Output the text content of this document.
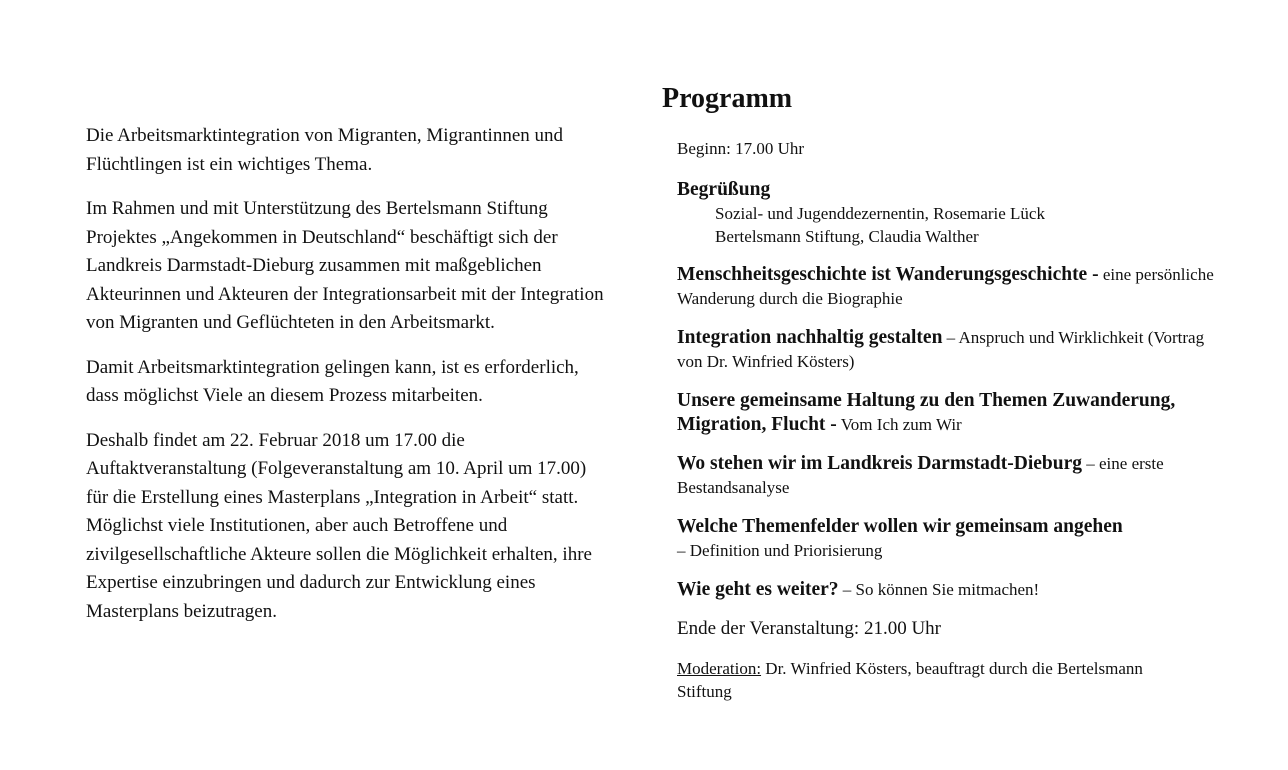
Die Arbeitsmarktintegration von Migranten, Migrantinnen und Flüchtlingen ist ein wichtiges Thema.

Im Rahmen und mit Unterstützung des Bertelsmann Stiftung Projektes „Angekommen in Deutschland“ beschäftigt sich der Landkreis Darmstadt-Dieburg zusammen mit maßgeblichen Akteurinnen und Akteuren der Integrationsarbeit mit der Integration von Migranten und Geflüchteten in den Arbeitsmarkt.

Damit Arbeitsmarktintegration gelingen kann, ist es erforderlich, dass möglichst Viele an diesem Prozess mitarbeiten.

Deshalb findet am 22. Februar 2018 um 17.00 die Auftaktveranstaltung (Folgeveranstaltung am 10. April um 17.00) für die Erstellung eines Masterplans „Integration in Arbeit“ statt. Möglichst viele Institutionen, aber auch Betroffene und zivilgesellschaftliche Akteure sollen die Möglichkeit erhalten, ihre Expertise einzubringen und dadurch zur Entwicklung eines Masterplans beizutragen.

Programm
Beginn: 17.00 Uhr
Begrüßung
Sozial- und Jugenddezernentin, Rosemarie Lück
Bertelsmann Stiftung, Claudia Walther
Menschheitsgeschichte ist Wanderungsgeschichte - eine persönliche Wanderung durch die Biographie
Integration nachhaltig gestalten – Anspruch und Wirklichkeit (Vortrag von Dr. Winfried Kösters)
Unsere gemeinsame Haltung zu den Themen Zuwanderung, Migration, Flucht - Vom Ich zum Wir
Wo stehen wir im Landkreis Darmstadt-Dieburg – eine erste Bestandsanalyse
Welche Themenfelder wollen wir gemeinsam angehen
– Definition und Priorisierung
Wie geht es weiter? – So können Sie mitmachen!
Ende der Veranstaltung: 21.00 Uhr
Moderation: Dr. Winfried Kösters, beauftragt durch die Bertelsmann Stiftung
